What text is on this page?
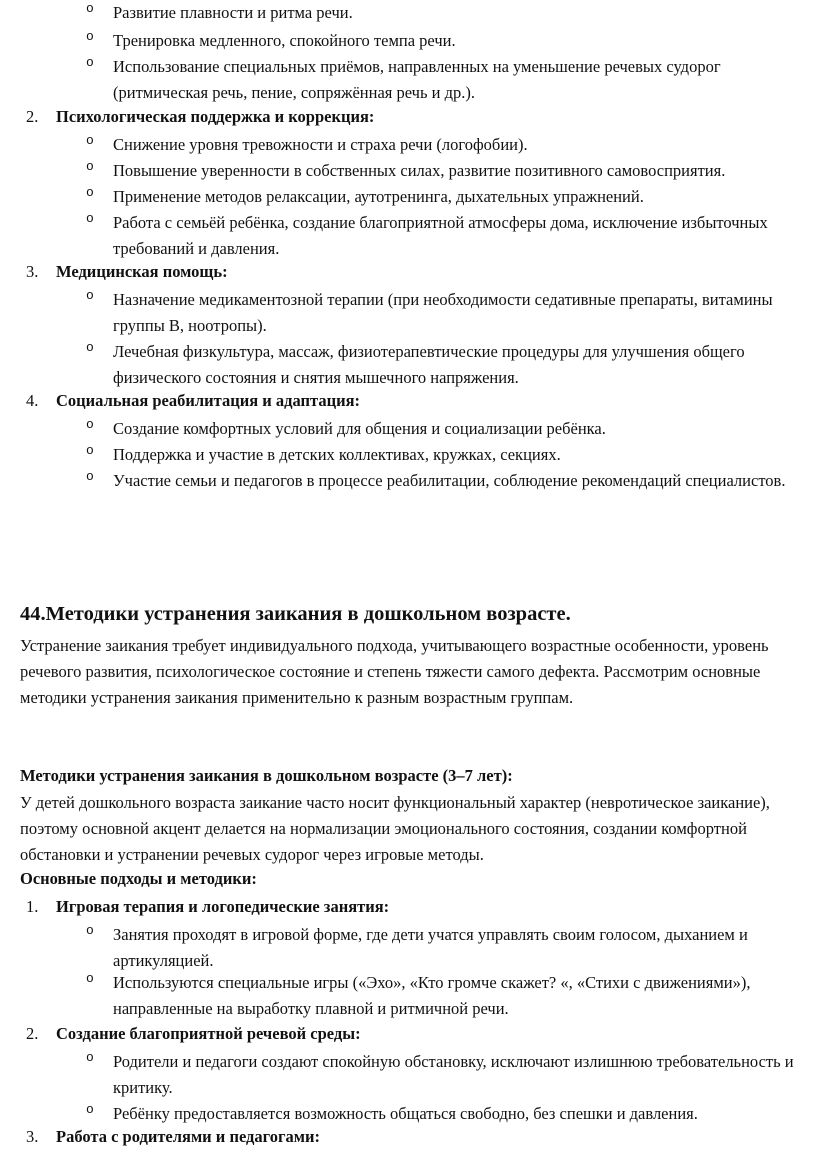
o Развитие плавности и ритма речи.
o Тренировка медленного, спокойного темпа речи.
o Использование специальных приёмов, направленных на уменьшение речевых судорог (ритмическая речь, пение, сопряжённая речь и др.).
2.	Психологическая поддержка и коррекция:
o Снижение уровня тревожности и страха речи (логофобии).
o Повышение уверенности в собственных силах, развитие позитивного самовосприятия.
o Применение методов релаксации, аутотренинга, дыхательных упражнений.
o Работа с семьёй ребёнка, создание благоприятной атмосферы дома, исключение избыточных требований и давления.
3.	Медицинская помощь:
o Назначение медикаментозной терапии (при необходимости седативные препараты, витамины группы B, ноотропы).
o Лечебная физкультура, массаж, физиотерапевтические процедуры для улучшения общего физического состояния и снятия мышечного напряжения.
4.	Социальная реабилитация и адаптация:
o Создание комфортных условий для общения и социализации ребёнка.
o Поддержка и участие в детских коллективах, кружках, секциях.
o Участие семьи и педагогов в процессе реабилитации, соблюдение рекомендаций специалистов.
44.Методики устранения заикания в дошкольном возрасте.
Устранение заикания требует индивидуального подхода, учитывающего возрастные особенности, уровень речевого развития, психологическое состояние и степень тяжести самого дефекта. Рассмотрим основные методики устранения заикания применительно к разным возрастным группам.
Методики устранения заикания в дошкольном возрасте (3–7 лет):
У детей дошкольного возраста заикание часто носит функциональный характер (невротическое заикание), поэтому основной акцент делается на нормализации эмоционального состояния, создании комфортной обстановки и устранении речевых судорог через игровые методы.
Основные подходы и методики:
1.	Игровая терапия и логопедические занятия:
o Занятия проходят в игровой форме, где дети учатся управлять своим голосом, дыханием и артикуляцией.
o Используются специальные игры («Эхо», «Кто громче скажет? «, «Стихи с движениями»), направленные на выработку плавной и ритмичной речи.
2.	Создание благоприятной речевой среды:
o Родители и педагоги создают спокойную обстановку, исключают излишнюю требовательность и критику.
o Ребёнку предоставляется возможность общаться свободно, без спешки и давления.
3.	Работа с родителями и педагогами:
